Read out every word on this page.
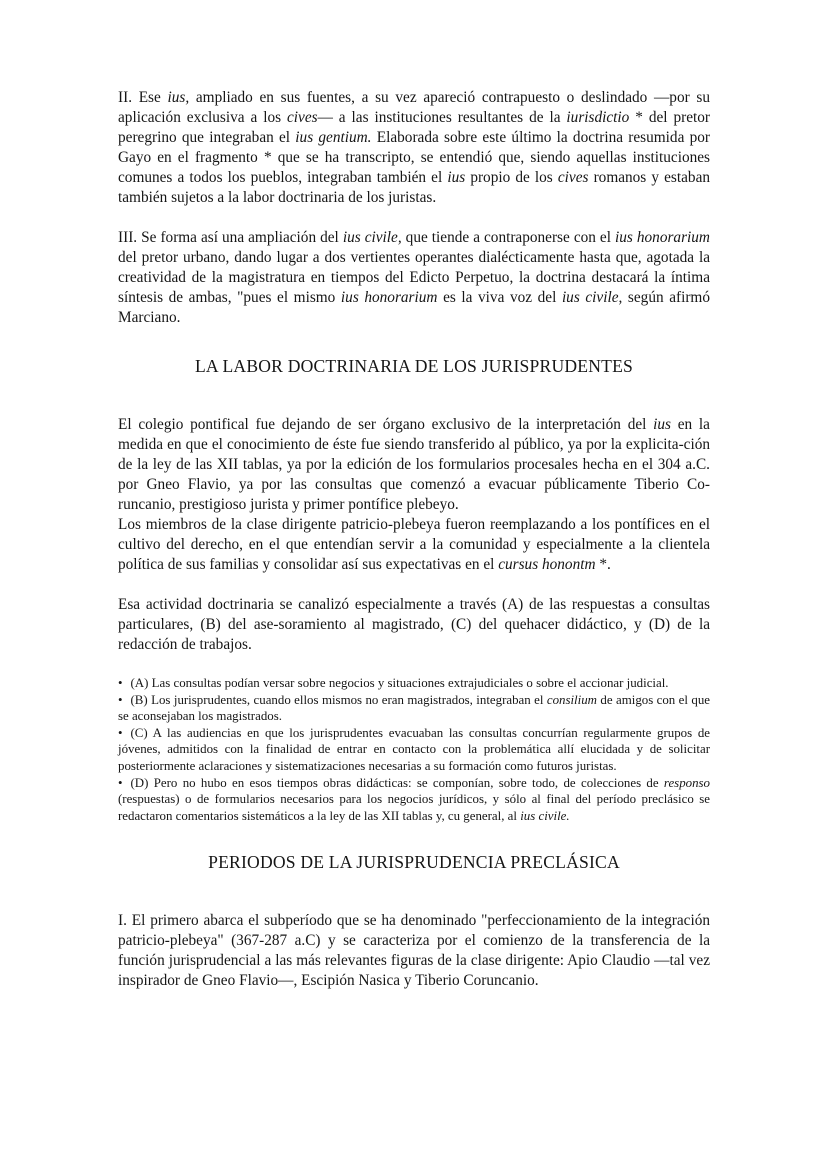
II. Ese ius, ampliado en sus fuentes, a su vez apareció contrapuesto o deslindado —por su aplicación exclusiva a los cives— a las instituciones resultantes de la iurisdictio * del pretor peregrino que integraban el ius gentium. Elaborada sobre este último la doctrina resumida por Gayo en el fragmento * que se ha transcripto, se entendió que, siendo aquellas instituciones comunes a todos los pueblos, integraban también el ius propio de los cives romanos y estaban también sujetos a la labor doctrinaria de los juristas.

III. Se forma así una ampliación del ius civile, que tiende a contraponerse con el ius honorarium del pretor urbano, dando lugar a dos vertientes operantes dialécticamente hasta que, agotada la creatividad de la magistratura en tiempos del Edicto Perpetuo, la doctrina destacará la íntima síntesis de ambas, "pues el mismo ius honorarium es la viva voz del ius civile, según afirmó Marciano.

LA LABOR DOCTRINARIA DE LOS JURISPRUDENTES

El colegio pontifical fue dejando de ser órgano exclusivo de la interpretación del ius en la medida en que el conocimiento de éste fue siendo transferido al público, ya por la explicita-ción de la ley de las XII tablas, ya por la edición de los formularios procesales hecha en el 304 a.C. por Gneo Flavio, ya por las consultas que comenzó a evacuar públicamente Tiberio Co-runcanio, prestigioso jurista y primer pontífice plebeyo.

Los miembros de la clase dirigente patricio-plebeya fueron reemplazando a los pontífices en el cultivo del derecho, en el que entendían servir a la comunidad y especialmente a la clientela política de sus familias y consolidar así sus expectativas en el cursus honontm *.

Esa actividad doctrinaria se canalizó especialmente a través (A) de las respuestas a consultas particulares, (B) del ase-soramiento al magistrado, (C) del quehacer didáctico, y (D) de la redacción de trabajos.

• (A) Las consultas podían versar sobre negocios y situaciones extrajudiciales o sobre el accionar judicial.

• (B) Los jurisprudentes, cuando ellos mismos no eran magistrados, integraban el consilium de amigos con el que se aconsejaban los magistrados.

• (C) A las audiencias en que los jurisprudentes evacuaban las consultas concurrían regularmente grupos de jóvenes, admitidos con la finalidad de entrar en contacto con la problemática allí elucidada y de solicitar posteriormente aclaraciones y sistematizaciones necesarias a su formación como futuros juristas.

• (D) Pero no hubo en esos tiempos obras didácticas: se componían, sobre todo, de colecciones de responso (respuestas) o de formularios necesarios para los negocios jurídicos, y sólo al final del período preclásico se redactaron comentarios sistemáticos a la ley de las XII tablas y, cu general, al ius civile.

PERIODOS DE LA JURISPRUDENCIA PRECLÁSICA

I. El primero abarca el subperíodo que se ha denominado "perfeccionamiento de la integración patricio-plebeya" (367-287 a.C) y se caracteriza por el comienzo de la transferencia de la función jurisprudencial a las más relevantes figuras de la clase dirigente: Apio Claudio —tal vez inspirador de Gneo Flavio—, Escipión Nasica y Tiberio Coruncanio.
